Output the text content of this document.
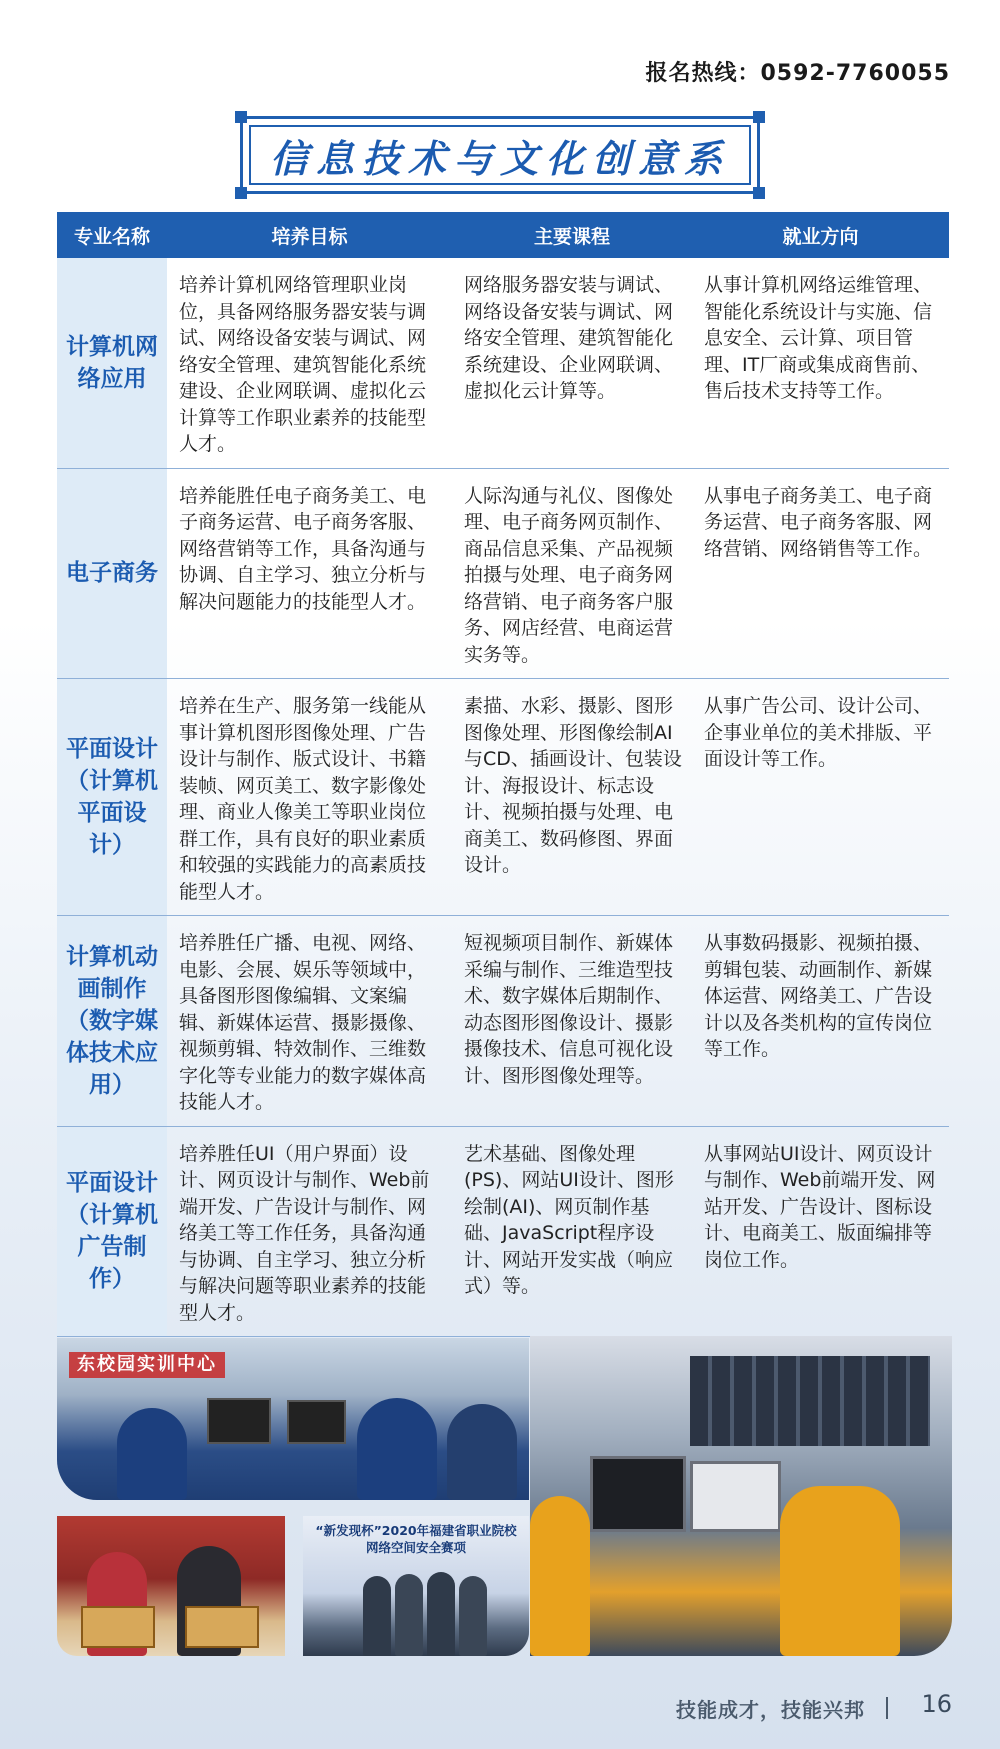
报名热线：0592-7760055
信息技术与文化创意系
专业名称	培养目标	主要课程	就业方向
计算机网络应用	培养计算机网络管理职业岗位，具备网络服务器安装与调试、网络设备安装与调试、网络安全管理、建筑智能化系统建设、企业网联调、虚拟化云计算等工作职业素养的技能型人才。	网络服务器安装与调试、网络设备安装与调试、网络安全管理、建筑智能化系统建设、企业网联调、虚拟化云计算等。	从事计算机网络运维管理、智能化系统设计与实施、信息安全、云计算、项目管理、IT厂商或集成商售前、售后技术支持等工作。
电子商务	培养能胜任电子商务美工、电子商务运营、电子商务客服、网络营销等工作，具备沟通与协调、自主学习、独立分析与解决问题能力的技能型人才。	人际沟通与礼仪、图像处理、电子商务网页制作、商品信息采集、产品视频拍摄与处理、电子商务网络营销、电子商务客户服务、网店经营、电商运营实务等。	从事电子商务美工、电子商务运营、电子商务客服、网络营销、网络销售等工作。
平面设计（计算机平面设计）	培养在生产、服务第一线能从事计算机图形图像处理、广告设计与制作、版式设计、书籍装帧、网页美工、数字影像处理、商业人像美工等职业岗位群工作，具有良好的职业素质和较强的实践能力的高素质技能型人才。	素描、水彩、摄影、图形图像处理、形图像绘制AI与CD、插画设计、包装设计、海报设计、标志设计、视频拍摄与处理、电商美工、数码修图、界面设计。	从事广告公司、设计公司、企事业单位的美术排版、平面设计等工作。
计算机动画制作（数字媒体技术应用）	培养胜任广播、电视、网络、电影、会展、娱乐等领域中，具备图形图像编辑、文案编辑、新媒体运营、摄影摄像、视频剪辑、特效制作、三维数字化等专业能力的数字媒体高技能人才。	短视频项目制作、新媒体采编与制作、三维造型技术、数字媒体后期制作、动态图形图像设计、摄影摄像技术、信息可视化设计、图形图像处理等。	从事数码摄影、视频拍摄、剪辑包装、动画制作、新媒体运营、网络美工、广告设计以及各类机构的宣传岗位等工作。
平面设计（计算机广告制作）	培养胜任UI（用户界面）设计、网页设计与制作、Web前端开发、广告设计与制作、网络美工等工作任务，具备沟通与协调、自主学习、独立分析与解决问题等职业素养的技能型人才。	艺术基础、图像处理(PS)、网站UI设计、图形绘制(AI)、网页制作基础、JavaScript程序设计、网站开发实战（响应式）等。	从事网站UI设计、网页设计与制作、Web前端开发、网站开发、广告设计、图标设计、电商美工、版面编排等岗位工作。
东校园实训中心
“新发现杯”2020年福建省职业院校
网络空间安全赛项
技能成才，技能兴邦 16
